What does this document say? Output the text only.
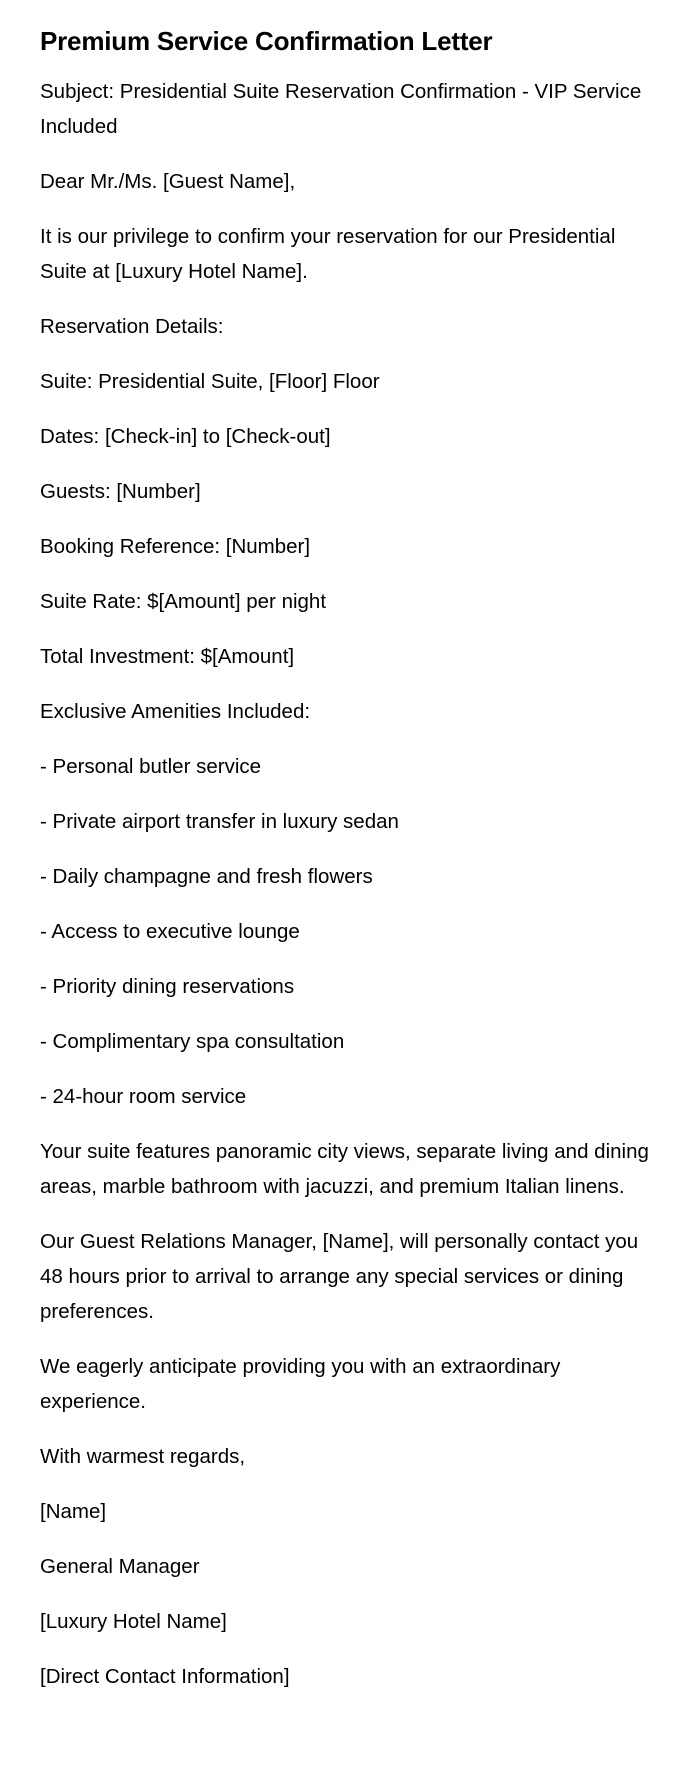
Premium Service Confirmation Letter

Subject: Presidential Suite Reservation Confirmation - VIP Service Included

Dear Mr./Ms. [Guest Name],

It is our privilege to confirm your reservation for our Presidential Suite at [Luxury Hotel Name].

Reservation Details:

Suite: Presidential Suite, [Floor] Floor

Dates: [Check-in] to [Check-out]

Guests: [Number]

Booking Reference: [Number]

Suite Rate: $[Amount] per night

Total Investment: $[Amount]

Exclusive Amenities Included:

- Personal butler service

- Private airport transfer in luxury sedan

- Daily champagne and fresh flowers

- Access to executive lounge

- Priority dining reservations

- Complimentary spa consultation

- 24-hour room service

Your suite features panoramic city views, separate living and dining areas, marble bathroom with jacuzzi, and premium Italian linens.

Our Guest Relations Manager, [Name], will personally contact you 48 hours prior to arrival to arrange any special services or dining preferences.

We eagerly anticipate providing you with an extraordinary experience.

With warmest regards,

[Name]

General Manager

[Luxury Hotel Name]

[Direct Contact Information]
